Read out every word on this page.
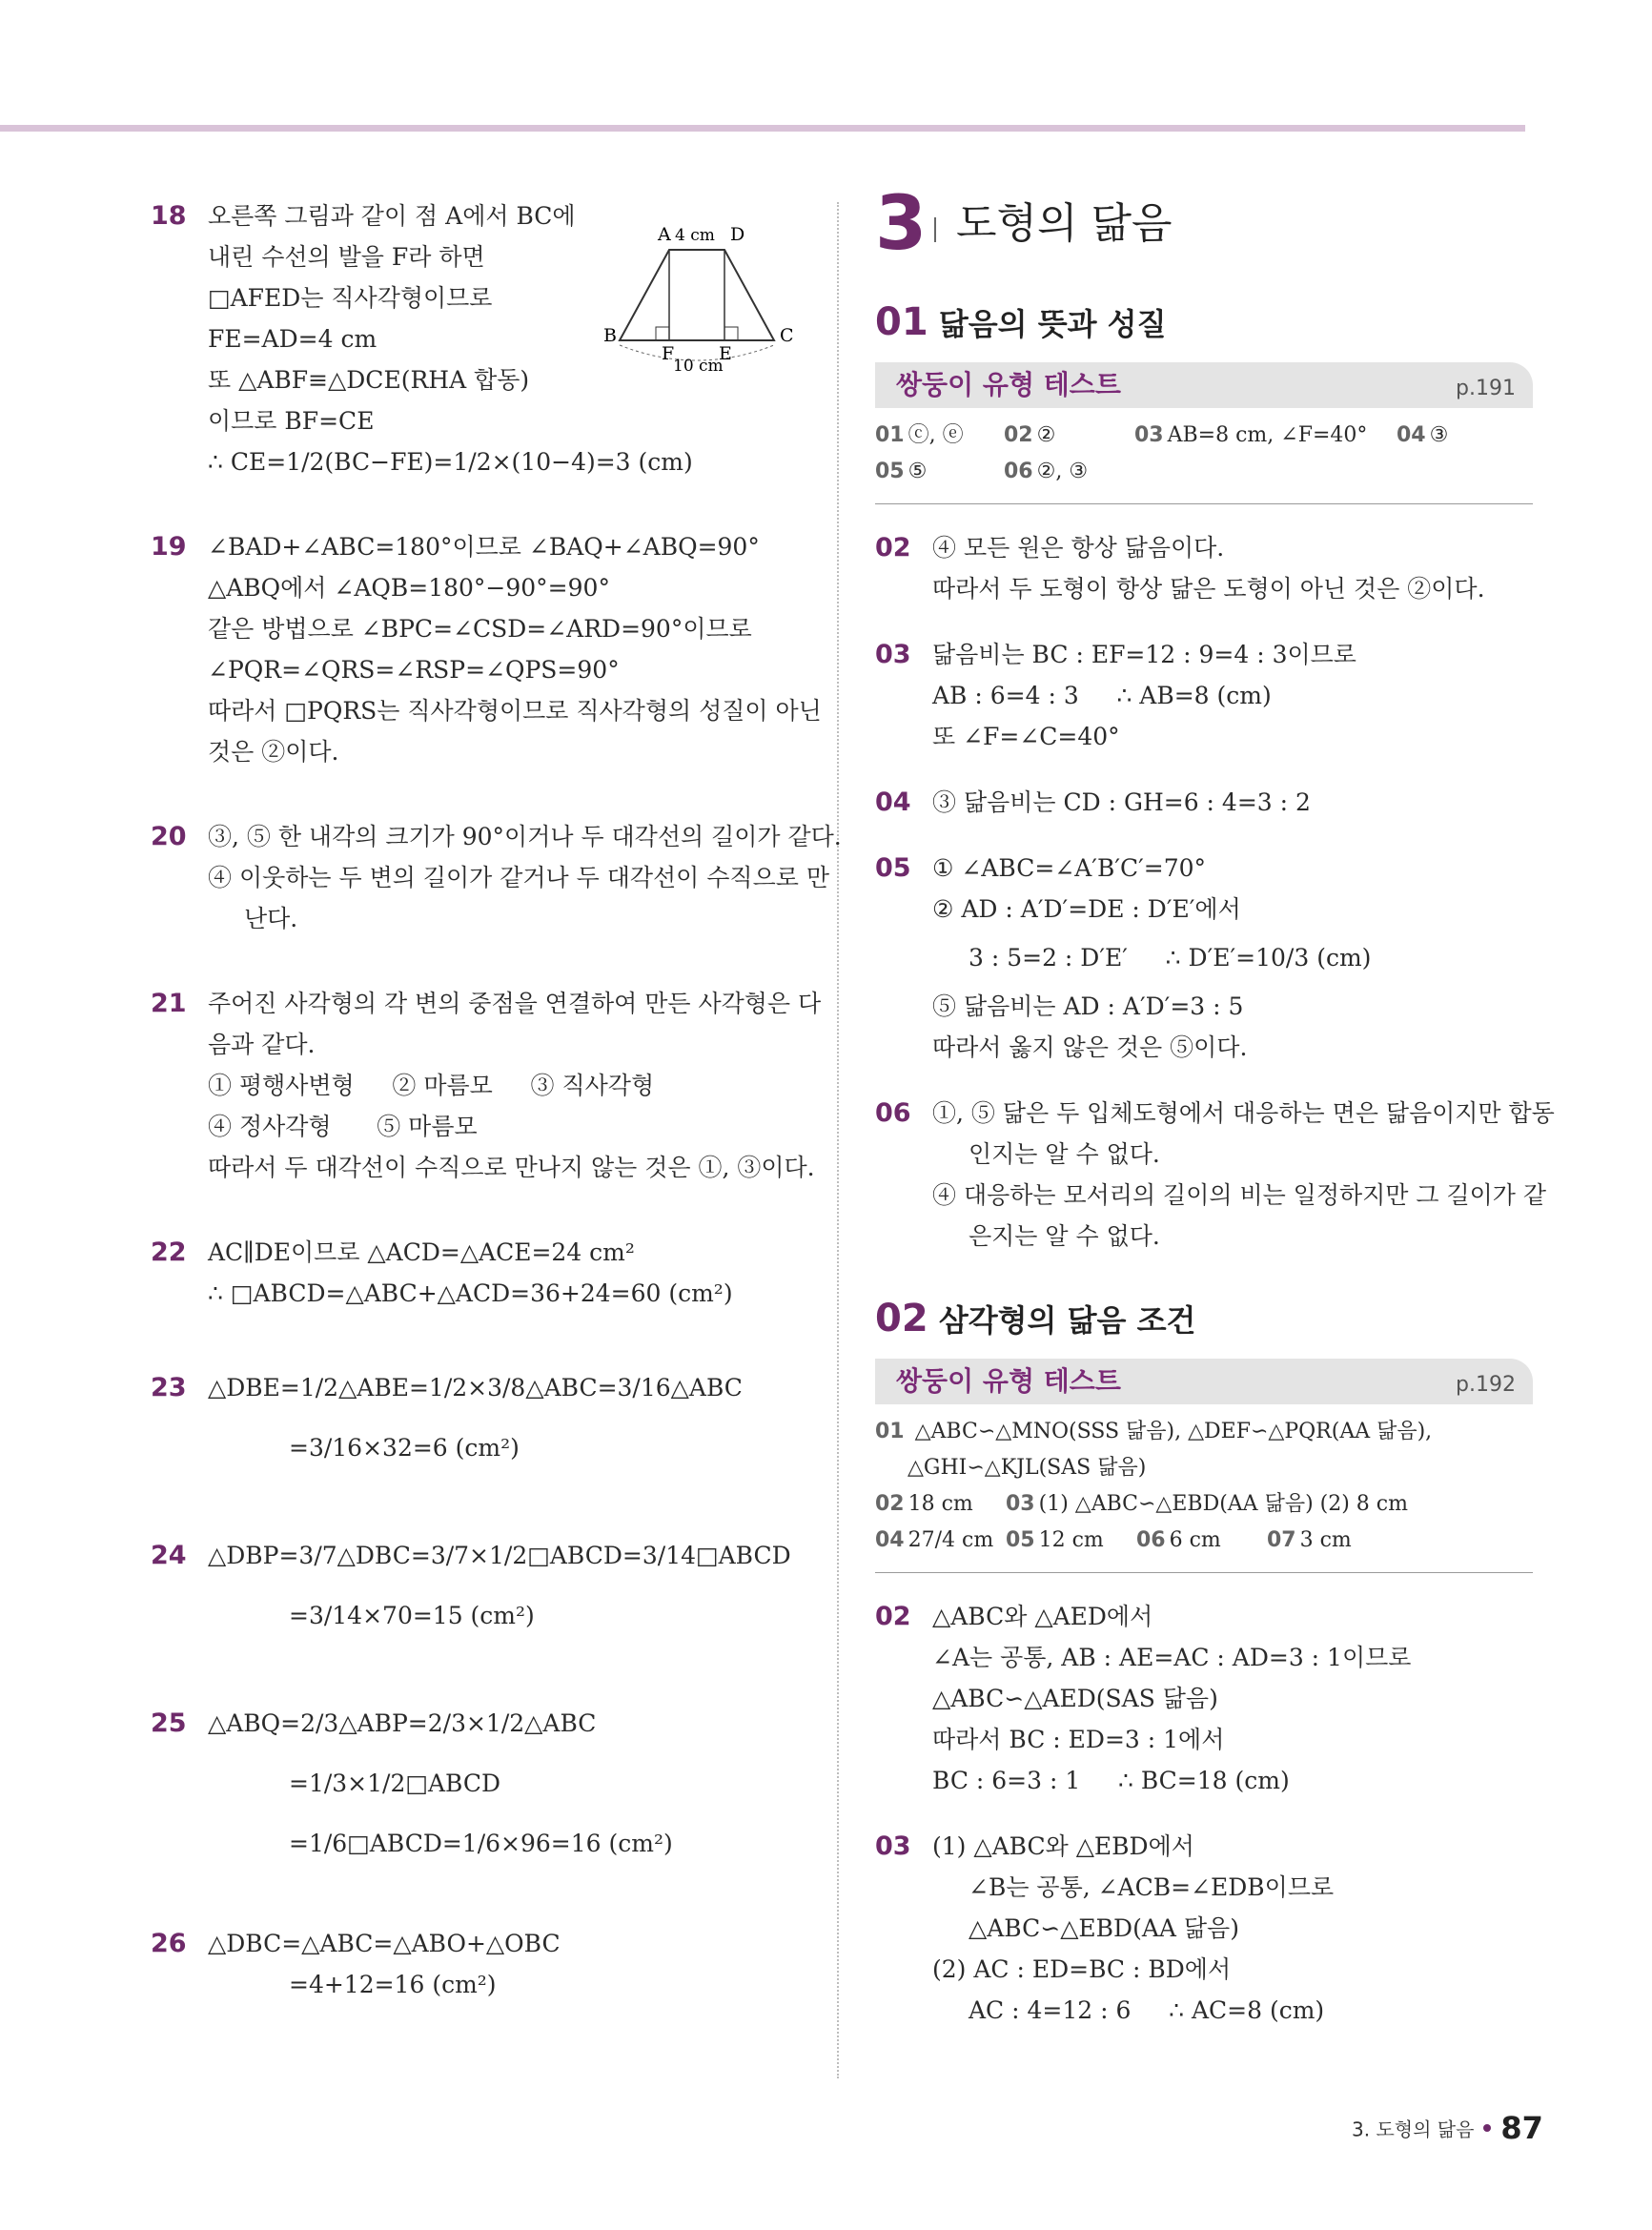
18 오른쪽 그림과 같이 점 A에서 BC에
내린 수선의 발을 F라 하면
□AFED는 직사각형이므로
FE=AD=4 cm
또 △ABF≡△DCE(RHA 합동)
이므로 BF=CE
∴ CE=1/2(BC−FE)=1/2×(10−4)=3 (cm)
A	D
B	C
F E
4 cm
10 cm
19 ∠BAD+∠ABC=180°이므로 ∠BAQ+∠ABQ=90°
△ABQ에서 ∠AQB=180°−90°=90°
같은 방법으로 ∠BPC=∠CSD=∠ARD=90°이므로
∠PQR=∠QRS=∠RSP=∠QPS=90°
따라서 □PQRS는 직사각형이므로 직사각형의 성질이 아닌
것은 ②이다.
20 ③, ⑤ 한 내각의 크기가 90°이거나 두 대각선의 길이가 같다.
④ 이웃하는 두 변의 길이가 같거나 두 대각선이 수직으로 만
난다.
21 주어진 사각형의 각 변의 중점을 연결하여 만든 사각형은 다
음과 같다.
① 평행사변형     ② 마름모     ③ 직사각형
④ 정사각형      ⑤ 마름모
따라서 두 대각선이 수직으로 만나지 않는 것은 ①, ③이다.
22 AC∥DE이므로 △ACD=△ACE=24 cm²
∴ □ABCD=△ABC+△ACD=36+24=60 (cm²)
23 △DBE=1/2△ABE=1/2×3/8△ABC=3/16△ABC
=3/16×32=6 (cm²)
24 △DBP=3/7△DBC=3/7×1/2□ABCD=3/14□ABCD
=3/14×70=15 (cm²)
25 △ABQ=2/3△ABP=2/3×1/2△ABC
=1/3×1/2□ABCD
=1/6□ABCD=1/6×96=16 (cm²)
26 △DBC=△ABC=△ABO+△OBC
=4+12=16 (cm²)
3 도형의 닮음
01 닮음의 뜻과 성질
쌍둥이 유형 테스트	p.191
01 ⓒ, ⓔ 02 ②	03 AB=8 cm, ∠F=40° 04 ③
05 ⑤	06 ②, ③
02 ④ 모든 원은 항상 닮음이다.
따라서 두 도형이 항상 닮은 도형이 아닌 것은 ②이다.
03 닮음비는 BC : EF=12 : 9=4 : 3이므로
AB : 6=4 : 3     ∴ AB=8 (cm)
또 ∠F=∠C=40°
04 ③ 닮음비는 CD : GH=6 : 4=3 : 2
05 ① ∠ABC=∠A′B′C′=70°
② AD : A′D′=DE : D′E′에서
3 : 5=2 : D′E′     ∴ D′E′=10/3 (cm)
⑤ 닮음비는 AD : A′D′=3 : 5
따라서 옳지 않은 것은 ⑤이다.
06 ①, ⑤ 닮은 두 입체도형에서 대응하는 면은 닮음이지만 합동
인지는 알 수 없다.
④ 대응하는 모서리의 길이의 비는 일정하지만 그 길이가 같
은지는 알 수 없다.
02 삼각형의 닮음 조건
쌍둥이 유형 테스트	p.192
01 △ABC∽△MNO(SSS 닮음), △DEF∽△PQR(AA 닮음),
△GHI∽△KJL(SAS 닮음)
02 18 cm 03 (1) △ABC∽△EBD(AA 닮음) (2) 8 cm
04 27/4 cm 05 12 cm 06 6 cm 07 3 cm
02 △ABC와 △AED에서
∠A는 공통, AB : AE=AC : AD=3 : 1이므로
△ABC∽△AED(SAS 닮음)
따라서 BC : ED=3 : 1에서
BC : 6=3 : 1     ∴ BC=18 (cm)
03 (1) △ABC와 △EBD에서
∠B는 공통, ∠ACB=∠EDB이므로
△ABC∽△EBD(AA 닮음)
(2) AC : ED=BC : BD에서
AC : 4=12 : 6     ∴ AC=8 (cm)
3. 도형의 닮음 87
